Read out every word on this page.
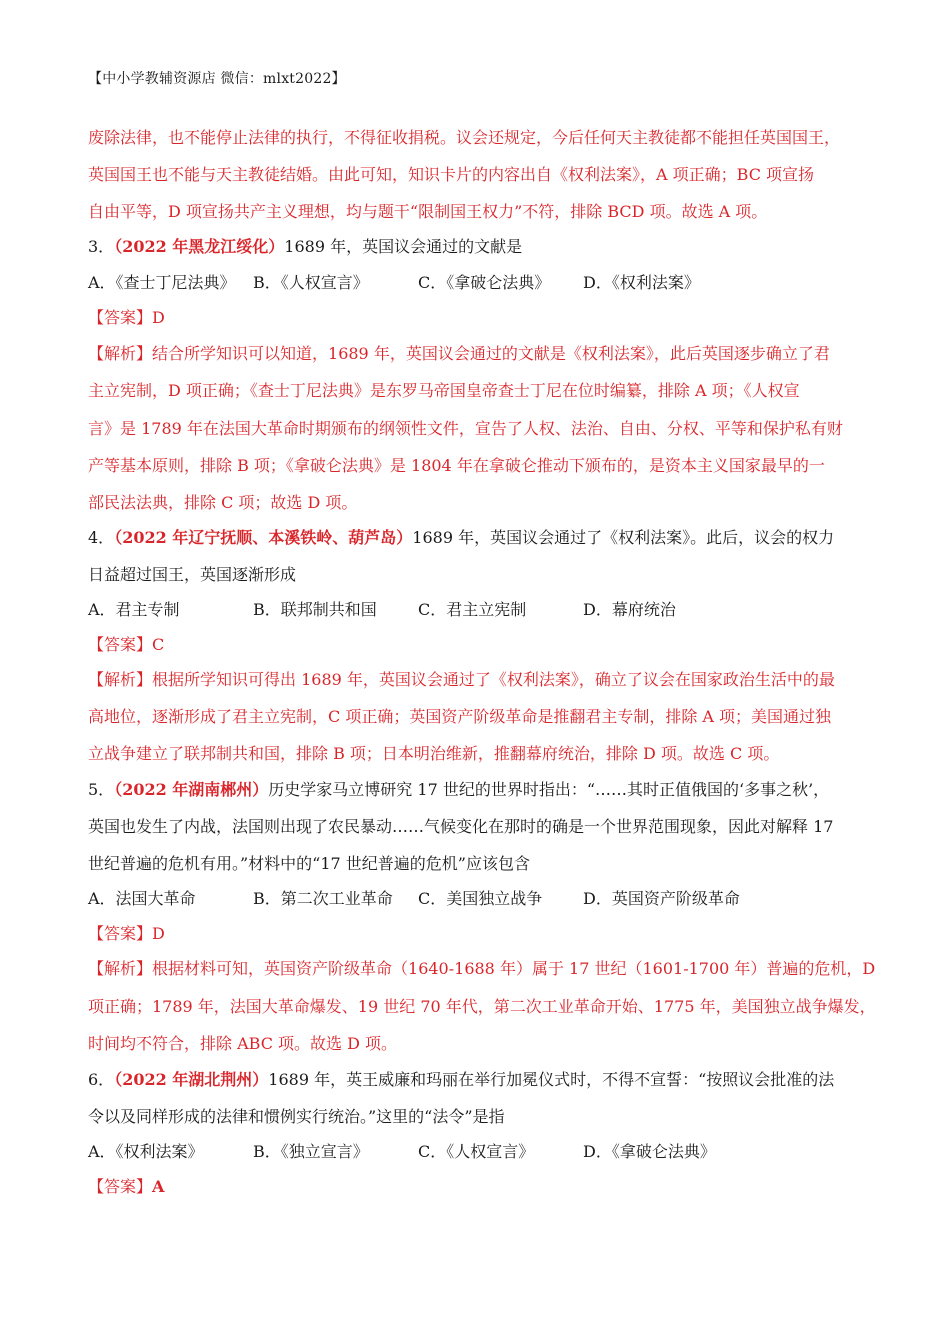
【中小学教辅资源店 微信：mlxt2022】
废除法律，也不能停止法律的执行，不得征收捐税。议会还规定，今后任何天主教徒都不能担任英国国王，
英国国王也不能与天主教徒结婚。由此可知，知识卡片的内容出自《权利法案》，A 项正确；BC 项宣扬
自由平等，D 项宣扬共产主义理想，均与题干“限制国王权力”不符，排除 BCD 项。故选 A 项。
3．（2022 年黑龙江绥化）1689 年，英国议会通过的文献是
A．《查士丁尼法典》 B．《人权宣言》	C．《拿破仑法典》 D．《权利法案》
【答案】D
【解析】结合所学知识可以知道，1689 年，英国议会通过的文献是《权利法案》，此后英国逐步确立了君
主立宪制，D 项正确；《查士丁尼法典》是东罗马帝国皇帝查士丁尼在位时编纂，排除 A 项；《人权宣
言》是 1789 年在法国大革命时期颁布的纲领性文件，宣告了人权、法治、自由、分权、平等和保护私有财
产等基本原则，排除 B 项；《拿破仑法典》是 1804 年在拿破仑推动下颁布的，是资本主义国家最早的一
部民法法典，排除 C 项；故选 D 项。
4．（2022 年辽宁抚顺、本溪铁岭、葫芦岛）1689 年，英国议会通过了《权利法案》。此后，议会的权力
日益超过国王，英国逐渐形成
A．君主专制	B．联邦制共和国	C．君主立宪制	D．幕府统治
【答案】C
【解析】根据所学知识可得出 1689 年，英国议会通过了《权利法案》，确立了议会在国家政治生活中的最
高地位，逐渐形成了君主立宪制，C 项正确；英国资产阶级革命是推翻君主专制，排除 A 项；美国通过独
立战争建立了联邦制共和国，排除 B 项；日本明治维新，推翻幕府统治，排除 D 项。故选 C 项。
5．（2022 年湖南郴州）历史学家马立博研究 17 世纪的世界时指出：“……其时正值俄国的‘多事之秋’，
英国也发生了内战，法国则出现了农民暴动……气候变化在那时的确是一个世界范围现象，因此对解释 17
世纪普遍的危机有用。”材料中的“17 世纪普遍的危机”应该包含
A．法国大革命	B．第二次工业革命 C．美国独立战争	D．英国资产阶级革命
【答案】D
【解析】根据材料可知，英国资产阶级革命（1640-1688 年）属于 17 世纪（1601-1700 年）普遍的危机，D
项正确；1789 年，法国大革命爆发、19 世纪 70 年代，第二次工业革命开始、1775 年，美国独立战争爆发，
时间均不符合，排除 ABC 项。故选 D 项。
6．（2022 年湖北荆州）1689 年，英王威廉和玛丽在举行加冕仪式时，不得不宣誓：“按照议会批准的法
令以及同样形成的法律和惯例实行统治。”这里的“法令”是指
A．《权利法案》	B．《独立宣言》	C．《人权宣言》	D．《拿破仑法典》
【答案】A
